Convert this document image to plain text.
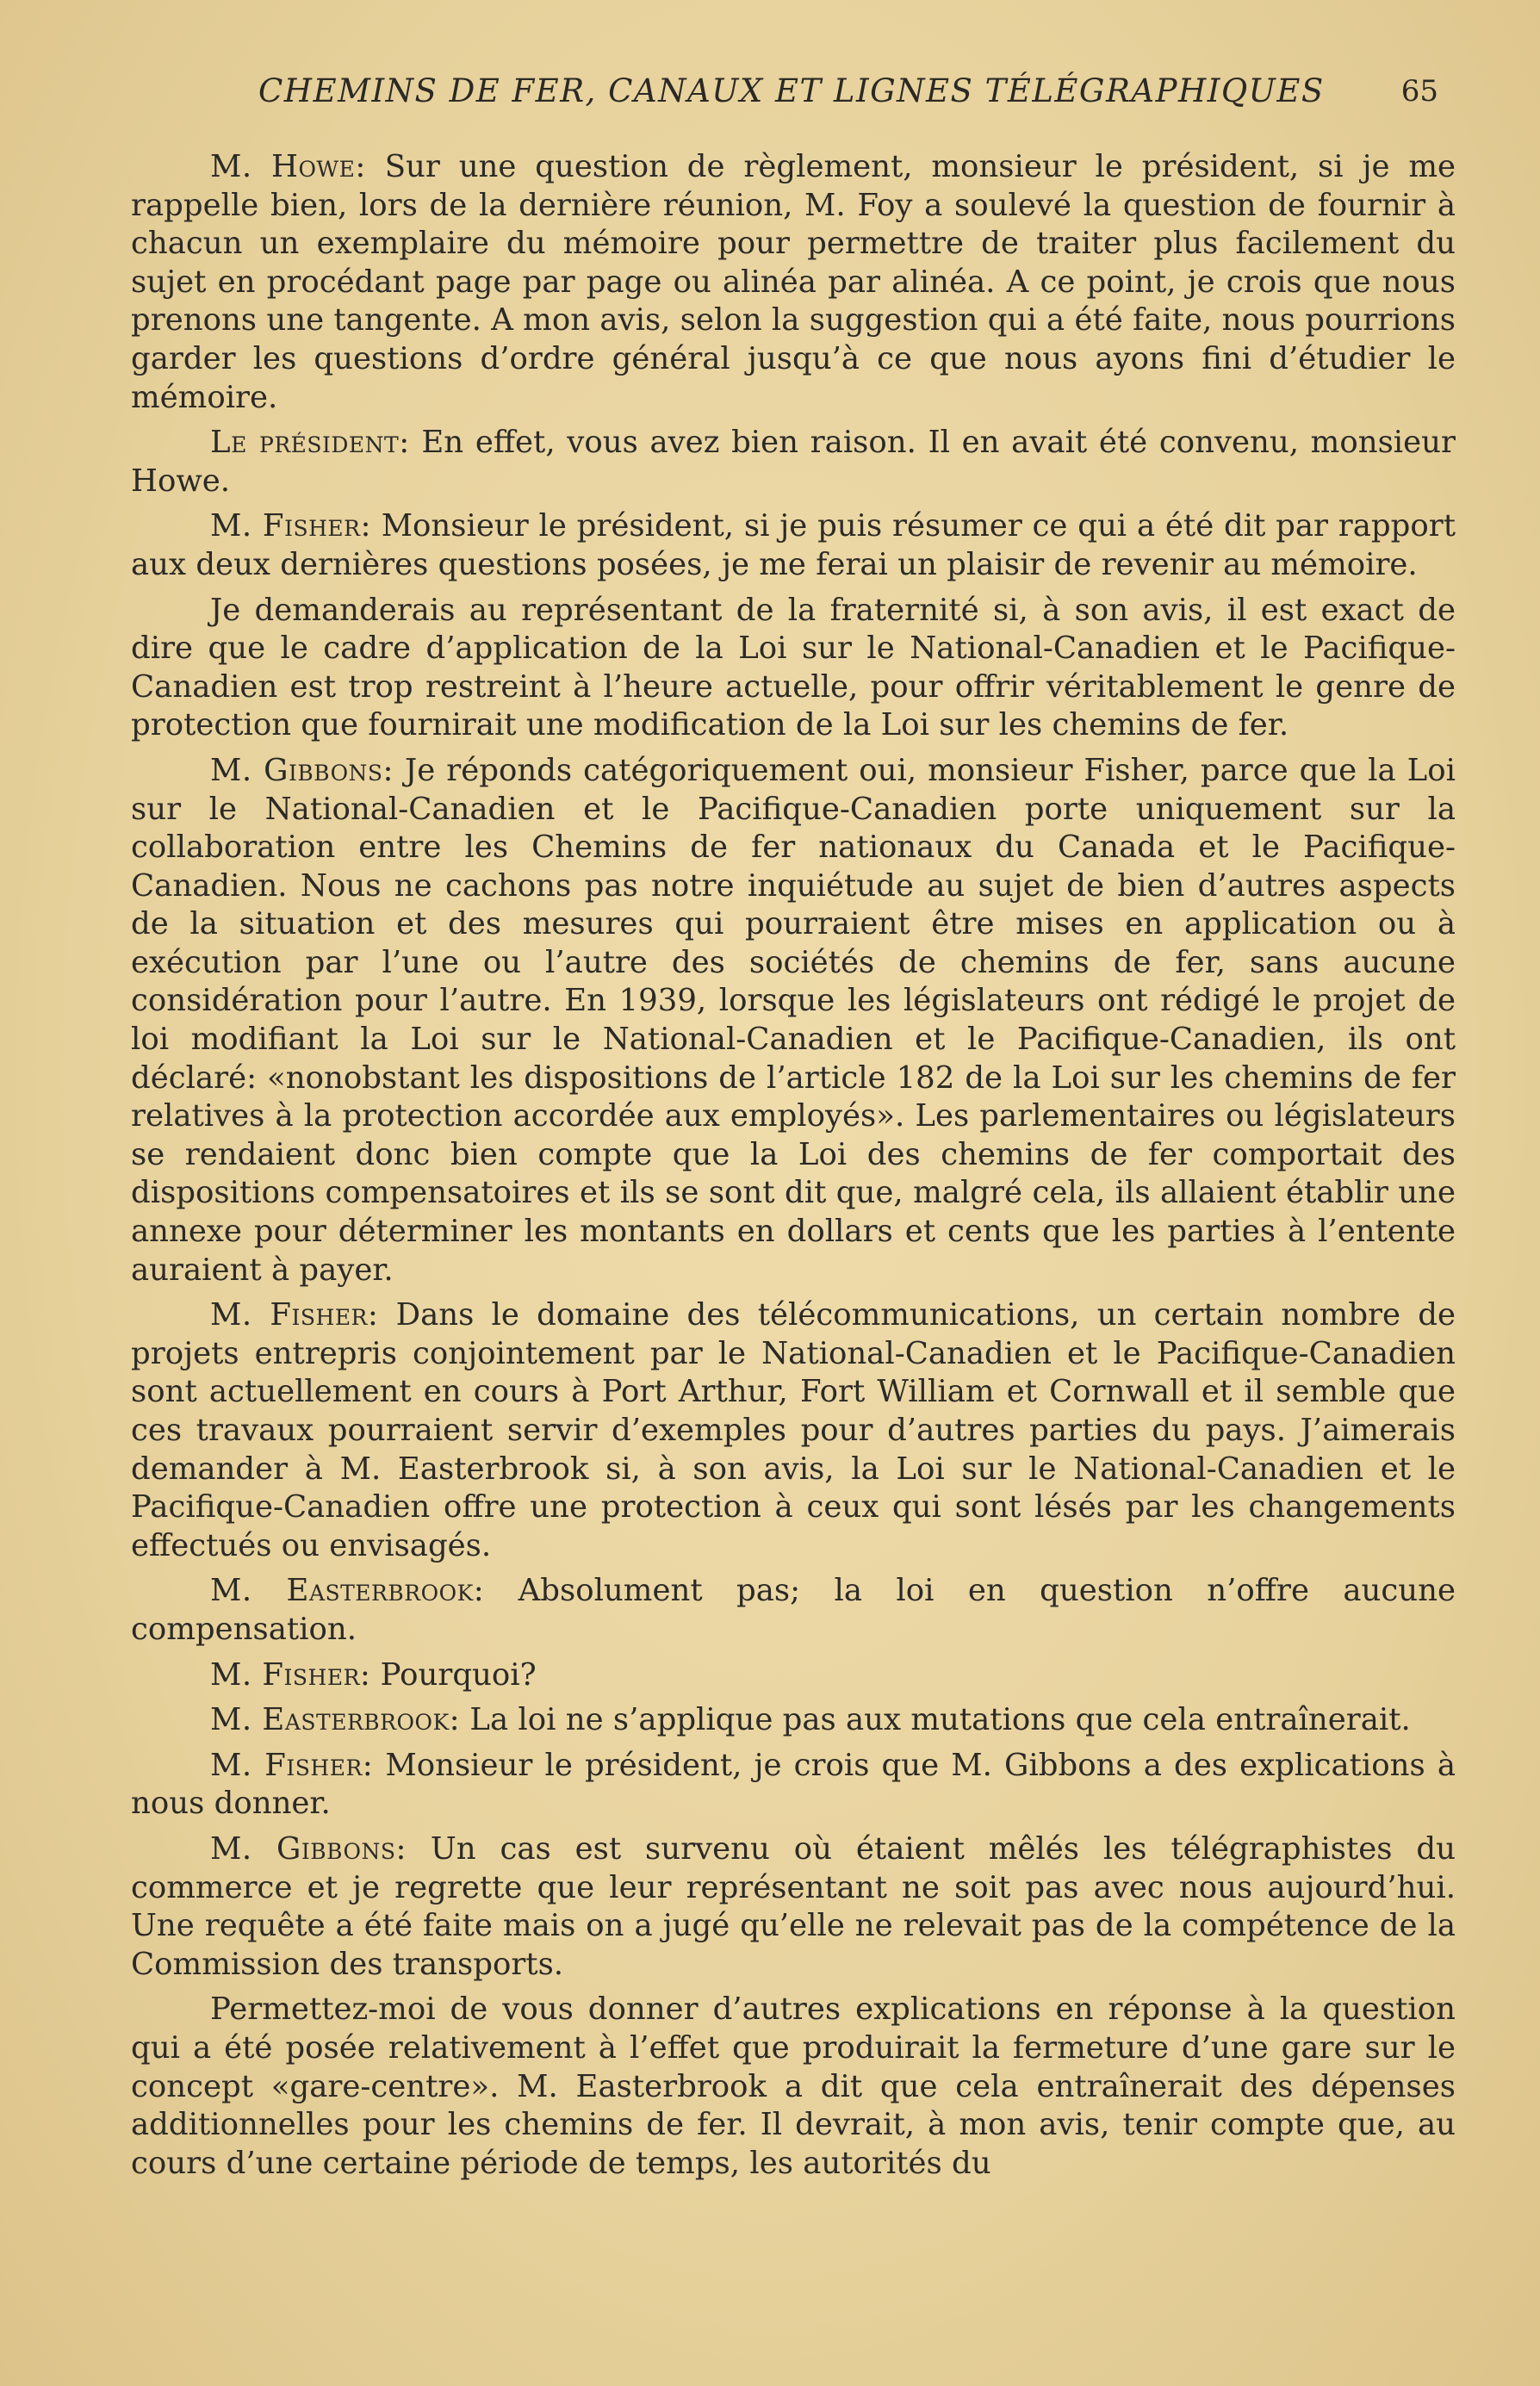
CHEMINS DE FER, CANAUX ET LIGNES TÉLÉGRAPHIQUES	65

M. Howe: Sur une question de règlement, monsieur le président, si je me rappelle bien, lors de la dernière réunion, M. Foy a soulevé la question de fournir à chacun un exemplaire du mémoire pour permettre de traiter plus facilement du sujet en procédant page par page ou alinéa par alinéa. A ce point, je crois que nous prenons une tangente. A mon avis, selon la suggestion qui a été faite, nous pourrions garder les questions d’ordre général jusqu’à ce que nous ayons fini d’étudier le mémoire.

Le président: En effet, vous avez bien raison. Il en avait été convenu, monsieur Howe.

M. Fisher: Monsieur le président, si je puis résumer ce qui a été dit par rapport aux deux dernières questions posées, je me ferai un plaisir de revenir au mémoire.

Je demanderais au représentant de la fraternité si, à son avis, il est exact de dire que le cadre d’application de la Loi sur le National-Canadien et le Pacifique-Canadien est trop restreint à l’heure actuelle, pour offrir véritablement le genre de protection que fournirait une modification de la Loi sur les chemins de fer.

M. Gibbons: Je réponds catégoriquement oui, monsieur Fisher, parce que la Loi sur le National-Canadien et le Pacifique-Canadien porte uniquement sur la collaboration entre les Chemins de fer nationaux du Canada et le Pacifique-Canadien. Nous ne cachons pas notre inquiétude au sujet de bien d’autres aspects de la situation et des mesures qui pourraient être mises en application ou à exécution par l’une ou l’autre des sociétés de chemins de fer, sans aucune considération pour l’autre. En 1939, lorsque les législateurs ont rédigé le projet de loi modifiant la Loi sur le National-Canadien et le Pacifique-Canadien, ils ont déclaré: «nonobstant les dispositions de l’article 182 de la Loi sur les chemins de fer relatives à la protection accordée aux employés». Les parlementaires ou législateurs se rendaient donc bien compte que la Loi des chemins de fer comportait des dispositions compensatoires et ils se sont dit que, malgré cela, ils allaient établir une annexe pour déterminer les montants en dollars et cents que les parties à l’entente auraient à payer.

M. Fisher: Dans le domaine des télécommunications, un certain nombre de projets entrepris conjointement par le National-Canadien et le Pacifique-Canadien sont actuellement en cours à Port Arthur, Fort William et Cornwall et il semble que ces travaux pourraient servir d’exemples pour d’autres parties du pays. J’aimerais demander à M. Easterbrook si, à son avis, la Loi sur le National-Canadien et le Pacifique-Canadien offre une protection à ceux qui sont lésés par les changements effectués ou envisagés.

M. Easterbrook: Absolument pas; la loi en question n’offre aucune compensation.

M. Fisher: Pourquoi?

M. Easterbrook: La loi ne s’applique pas aux mutations que cela entraînerait.

M. Fisher: Monsieur le président, je crois que M. Gibbons a des explications à nous donner.

M. Gibbons: Un cas est survenu où étaient mêlés les télégraphistes du commerce et je regrette que leur représentant ne soit pas avec nous aujourd’hui. Une requête a été faite mais on a jugé qu’elle ne relevait pas de la compétence de la Commission des transports.

Permettez-moi de vous donner d’autres explications en réponse à la question qui a été posée relativement à l’effet que produirait la fermeture d’une gare sur le concept «gare-centre». M. Easterbrook a dit que cela entraînerait des dépenses additionnelles pour les chemins de fer. Il devrait, à mon avis, tenir compte que, au cours d’une certaine période de temps, les autorités du
